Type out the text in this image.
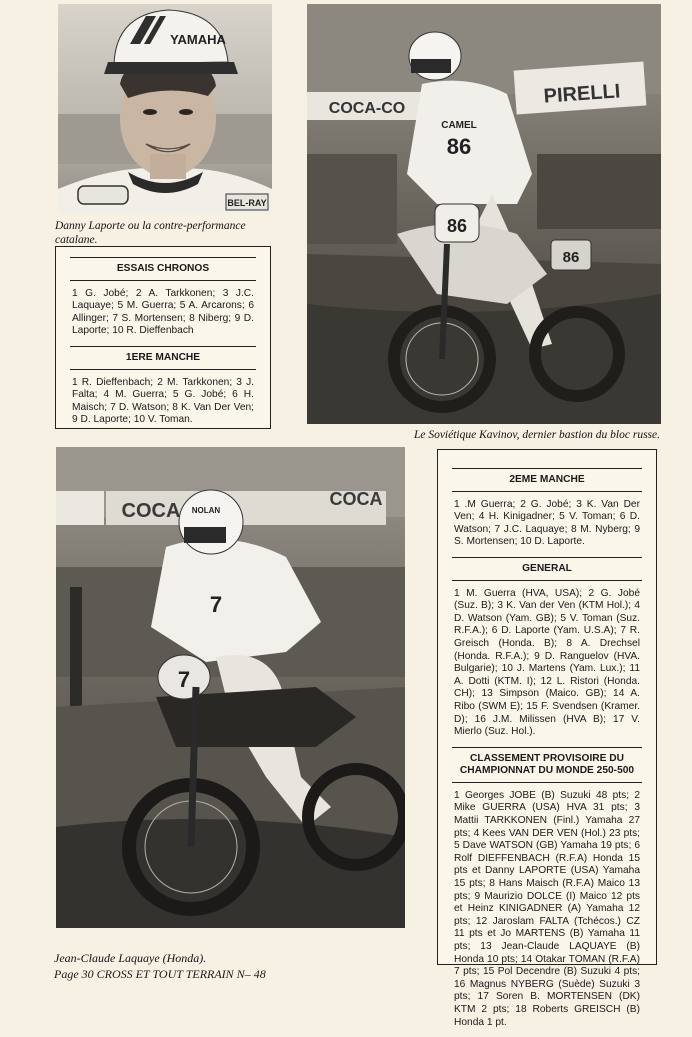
YAMAHA
BEL-RAY
Danny Laporte ou la contre-performance catalane.
ESSAIS CHRONOS
1 G. Jobé; 2 A. Tarkkonen; 3 J.C. Laquaye; 5 M. Guerra; 5 A. Arcarons; 6 Allinger; 7 S. Mortensen; 8 Niberg; 9 D. Laporte; 10 R. Dieffenbach
1ERE MANCHE
1 R. Dieffenbach; 2 M. Tarkkonen; 3 J. Falta; 4 M. Guerra; 5 G. Jobé; 6 H. Maisch; 7 D. Watson; 8 K. Van Der Ven; 9 D. Laporte; 10 V. Toman.
COCA-CO
PIRELLI
CAMEL
86
86
86
Le Soviétique Kavinov, dernier bastion du bloc russe.
COCA
COCA
7
NOLAN
7
Jean-Claude Laquaye (Honda).
2EME MANCHE
1 .M Guerra; 2 G. Jobé; 3 K. Van Der Ven; 4 H. Kinigadner; 5 V. Toman; 6 D. Watson; 7 J.C. Laquaye; 8 M. Nyberg; 9 S. Mortensen; 10 D. Laporte.
GENERAL
1 M. Guerra (HVA, USA); 2 G. Jobé (Suz. B); 3 K. Van der Ven (KTM Hol.); 4 D. Watson (Yam. GB); 5 V. Toman (Suz. R.F.A.); 6 D. Laporte (Yam. U.S.A); 7 R. Greisch (Honda. B); 8 A. Drechsel (Honda. R.F.A.); 9 D. Ranguelov (HVA. Bulgarie); 10 J. Martens (Yam. Lux.); 11 A. Dotti (KTM. I); 12 L. Ristori (Honda. CH); 13 Simpson (Maico. GB); 14 A. Ribo (SWM E); 15 F. Svendsen (Kramer. D); 16 J.M. Milissen (HVA B); 17 V. Mierlo (Suz. Hol.).
CLASSEMENT PROVISOIRE DU CHAMPIONNAT DU MONDE 250-500
1 Georges JOBE (B) Suzuki 48 pts; 2 Mike GUERRA (USA) HVA 31 pts; 3 Mattii TARKKONEN (Finl.) Yamaha 27 pts; 4 Kees VAN DER VEN (Hol.) 23 pts; 5 Dave WATSON (GB) Yamaha 19 pts; 6 Rolf DIEFFENBACH (R.F.A) Honda 15 pts et Danny LAPORTE (USA) Yamaha 15 pts; 8 Hans Maisch (R.F.A) Maico 13 pts; 9 Maurizio DOLCE (I) Maico 12 pts et Heinz KINIGADNER (A) Yamaha 12 pts; 12 Jaroslam FALTA (Tchécos.) CZ 11 pts et Jo MARTENS (B) Yamaha 11 pts; 13 Jean-Claude LAQUAYE (B) Honda 10 pts; 14 Otakar TOMAN (R.F.A) 7 pts; 15 Pol Decendre (B) Suzuki 4 pts; 16 Magnus NYBERG (Suède) Suzuki 3 pts; 17 Soren B. MORTENSEN (DK) KTM 2 pts; 18 Roberts GREISCH (B) Honda 1 pt.
Page 30 CROSS ET TOUT TERRAIN N– 48
